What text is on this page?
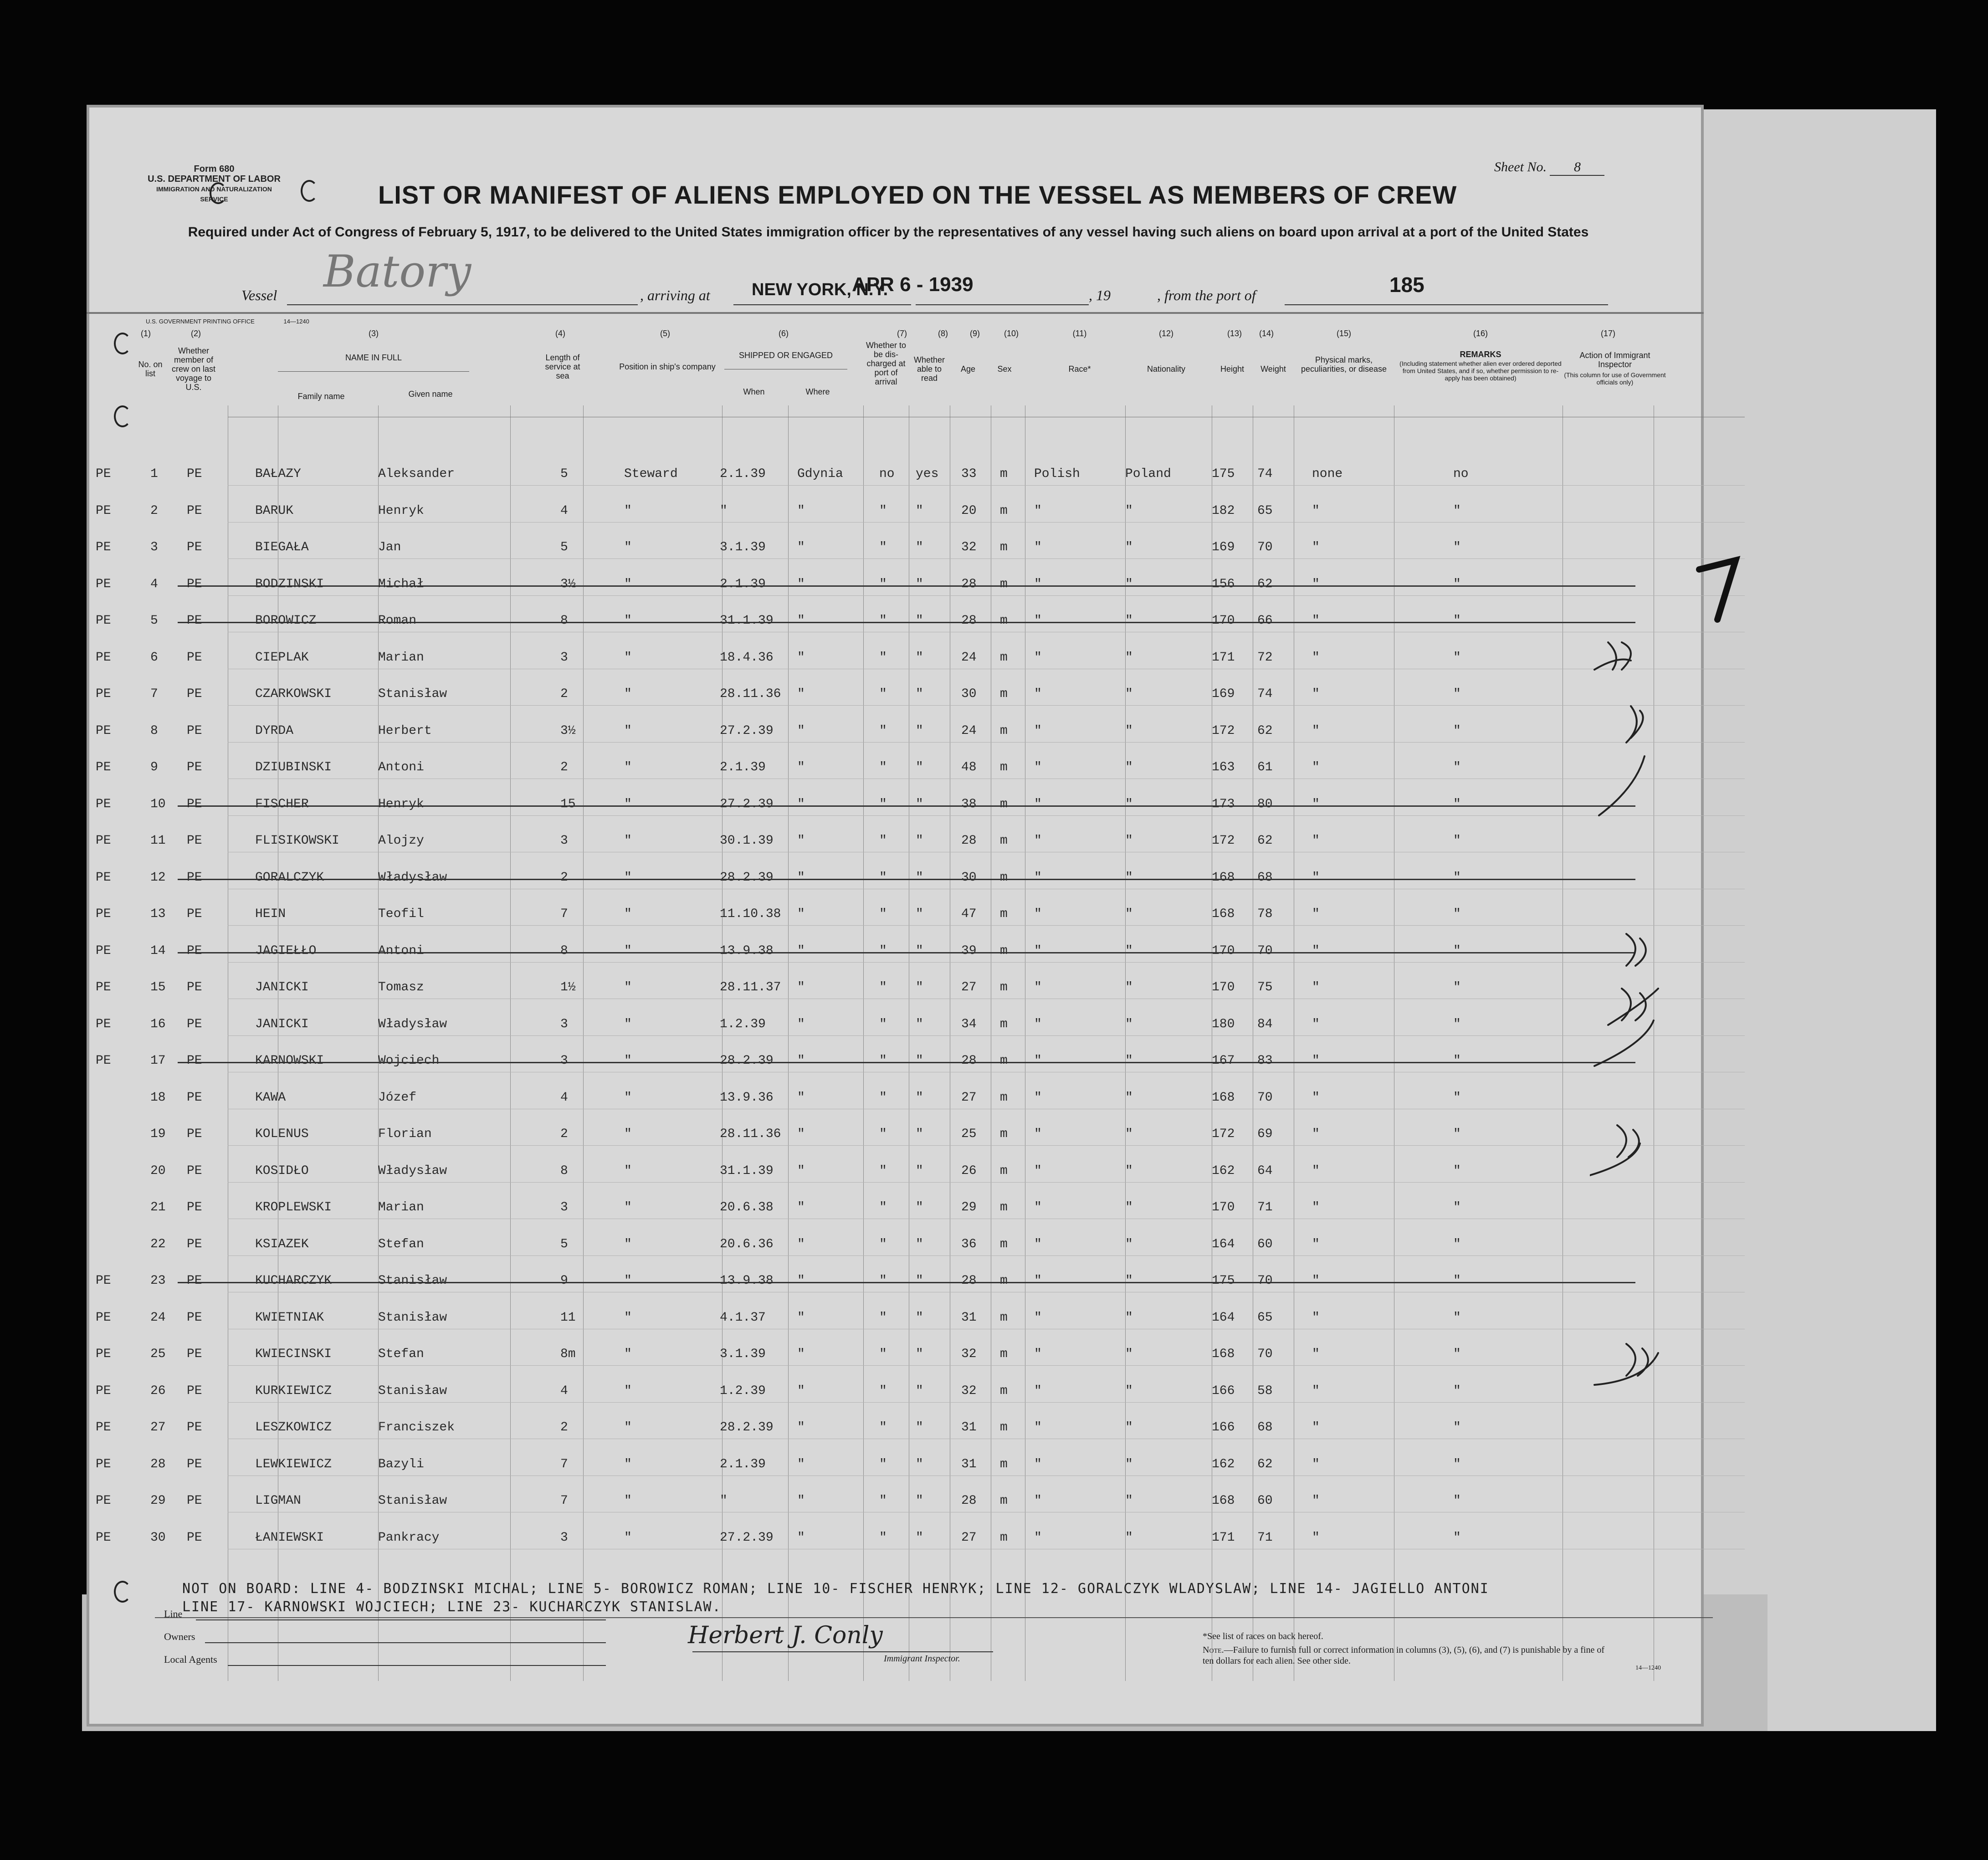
Form 680
U.S. DEPARTMENT OF LABOR
IMMIGRATION AND NATURALIZATION SERVICE
Sheet No. 8
LIST OR MANIFEST OF ALIENS EMPLOYED ON THE VESSEL AS MEMBERS OF CREW
Required under Act of Congress of February 5, 1917, to be delivered to the United States immigration officer by the representatives of any vessel having such aliens on board upon arrival at a port of the United States
Vessel Batory	, arriving at NEW YORK, N.Y.
APR 6 - 1939	, 19	, from the port of	185
U.S. GOVERNMENT PRINTING OFFICE	14—1240
(1)	(2)	(3)	(4)	(5)	(6)	(7)	(8)	(9)	(10)	(11)	(12)	(13)	(14)	(15)	(16)	(17)
No. on list
Whether member of crew on last voyage to U.S.
NAME IN FULL
Family name	Given name
Length of service at sea
Position in ship's company
SHIPPED OR ENGAGED
When	Where
Whether to be dis-charged at port of arrival
Whether able to read
Age	Sex	Race*	Nationality	Height	Weight
Physical marks, peculiarities, or disease
REMARKS
(Including statement whether alien ever ordered deported from United States, and if so, whether permission to re-apply has been obtained)
Action of Immigrant Inspector
(This column for use of Government officials only)
PE	1 PE	BAŁAZY	Aleksander	5	Steward	2.1.39 Gdynia	no yes 33 m Polish	Poland	175 74	none	no
PE	2 PE	BARUK	Henryk	4	"	"	"	" "	20 m "	"	182 65	"	"
PE	3 PE	BIEGAŁA	Jan	5	"	3.1.39 "	" "	32 m "	"	169 70	"	"
PE	4 PE	BODZINSKI	Michał	3½	"	2.1.39 "	" "	28 m "	"	156 62	"	"
PE	5 PE	BOROWICZ	Roman	8	"	31.1.39 "	" "	28 m "	"	170 66	"	"
PE	6 PE	CIEPLAK	Marian	3	"	18.4.36 "	" "	24 m "	"	171 72	"	"
PE	7 PE	CZARKOWSKI	Stanisław	2	"	28.11.36 "	" "	30 m "	"	169 74	"	"
PE	8 PE	DYRDA	Herbert	3½	"	27.2.39 "	" "	24 m "	"	172 62	"	"
PE	9 PE	DZIUBINSKI	Antoni	2	"	2.1.39 "	" "	48 m "	"	163 61	"	"
PE	10 PE	FISCHER	Henryk	15	"	27.2.39 "	" "	38 m "	"	173 80	"	"
PE	11 PE	FLISIKOWSKI	Alojzy	3	"	30.1.39 "	" "	28 m "	"	172 62	"	"
PE	12 PE	GORALCZYK	Władysław	2	"	28.2.39 "	" "	30 m "	"	168 68	"	"
PE	13 PE	HEIN	Teofil	7	"	11.10.38 "	" "	47 m "	"	168 78	"	"
PE	14 PE	JAGIEŁŁO	Antoni	8	"	13.9.38 "	" "	39 m "	"	170 70	"	"
PE	15 PE	JANICKI	Tomasz	1½	"	28.11.37 "	" "	27 m "	"	170 75	"	"
PE	16 PE	JANICKI	Władysław	3	"	1.2.39 "	" "	34 m "	"	180 84	"	"
PE	17 PE	KARNOWSKI	Wojciech	3	"	28.2.39 "	" "	28 m "	"	167 83	"	"
18 PE	KAWA	Józef	4	"	13.9.36 "	" "	27 m "	"	168 70	"	"
19 PE	KOLENUS	Florian	2	"	28.11.36 "	" "	25 m "	"	172 69	"	"
20 PE	KOSIDŁO	Władysław	8	"	31.1.39 "	" "	26 m "	"	162 64	"	"
21 PE	KROPLEWSKI	Marian	3	"	20.6.38 "	" "	29 m "	"	170 71	"	"
22 PE	KSIAZEK	Stefan	5	"	20.6.36 "	" "	36 m "	"	164 60	"	"
PE	23 PE	KUCHARCZYK	Stanisław	9	"	13.9.38 "	" "	28 m "	"	175 70	"	"
PE	24 PE	KWIETNIAK	Stanisław	11	"	4.1.37 "	" "	31 m "	"	164 65	"	"
PE	25 PE	KWIECINSKI	Stefan	8m	"	3.1.39 "	" "	32 m "	"	168 70	"	"
PE	26 PE	KURKIEWICZ	Stanisław	4	"	1.2.39 "	" "	32 m "	"	166 58	"	"
PE	27 PE	LESZKOWICZ	Franciszek	2	"	28.2.39 "	" "	31 m "	"	166 68	"	"
PE	28 PE	LEWKIEWICZ	Bazyli	7	"	2.1.39 "	" "	31 m "	"	162 62	"	"
PE	29 PE	LIGMAN	Stanisław	7	"	"	"	" "	28 m "	"	168 60	"	"
PE	30 PE	ŁANIEWSKI	Pankracy	3	"	27.2.39 "	" "	27 m "	"	171 71	"	"
NOT ON BOARD: LINE 4- BODZINSKI MICHAL; LINE 5- BOROWICZ ROMAN; LINE 10- FISCHER HENRYK; LINE 12- GORALCZYK WLADYSLAW; LINE 14- JAGIELLO ANTONI
LINE 17- KARNOWSKI WOJCIECH; LINE 23- KUCHARCZYK STANISLAW.
Line
Owners
Local Agents
Herbert J. Conly
Immigrant Inspector.
*See list of races on back hereof.
Note.—Failure to furnish full or correct information in columns (3), (5), (6), and (7) is punishable by a fine of ten dollars for each alien. See other side.
14—1240
